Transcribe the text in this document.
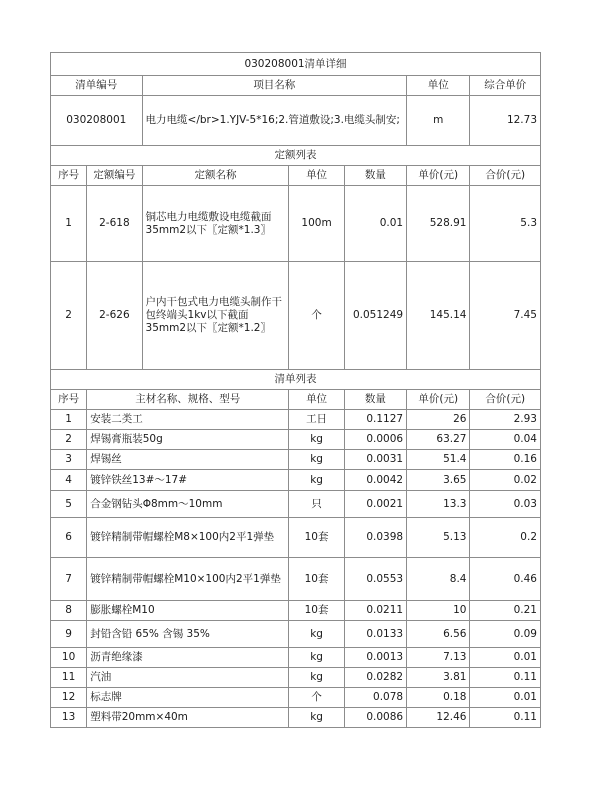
030208001清单详细						
清单编号		项目名称			单位	综合单价
030208001		电力电缆</br>1.YJV-5*16;2.管道敷设;3.电缆头制安;			m	12.73
定额列表						
序号	定额编号	定额名称	单位	数量	单价(元)	合价(元)
1	2-618	铜芯电力电缆敷设电缆截面35mm2以下〖定额*1.3〗	100m	0.01	528.91	5.3
2	2-626	户内干包式电力电缆头制作干包终端头1kv以下截面35mm2以下〖定额*1.2〗	个	0.051249	145.14	7.45
清单列表						
序号	主材名称、规格、型号		单位	数量	单价(元)	合价(元)
1	安装二类工		工日	0.1127	26	2.93
2	焊锡膏瓶装50g		kg	0.0006	63.27	0.04
3	焊锡丝		kg	0.0031	51.4	0.16
4	镀锌铁丝13#～17#		kg	0.0042	3.65	0.02
5	合金钢钻头Φ8mm～10mm		只	0.0021	13.3	0.03
6	镀锌精制带帽螺栓M8×100内2平1弹垫		10套	0.0398	5.13	0.2
7	镀锌精制带帽螺栓M10×100内2平1弹垫		10套	0.0553	8.4	0.46
8	膨胀螺栓M10		10套	0.0211	10	0.21
9	封铅含铅 65% 含锡 35%		kg	0.0133	6.56	0.09
10	沥青绝缘漆		kg	0.0013	7.13	0.01
11	汽油		kg	0.0282	3.81	0.11
12	标志牌		个	0.078	0.18	0.01
13	塑料带20mm×40m		kg	0.0086	12.46	0.11
